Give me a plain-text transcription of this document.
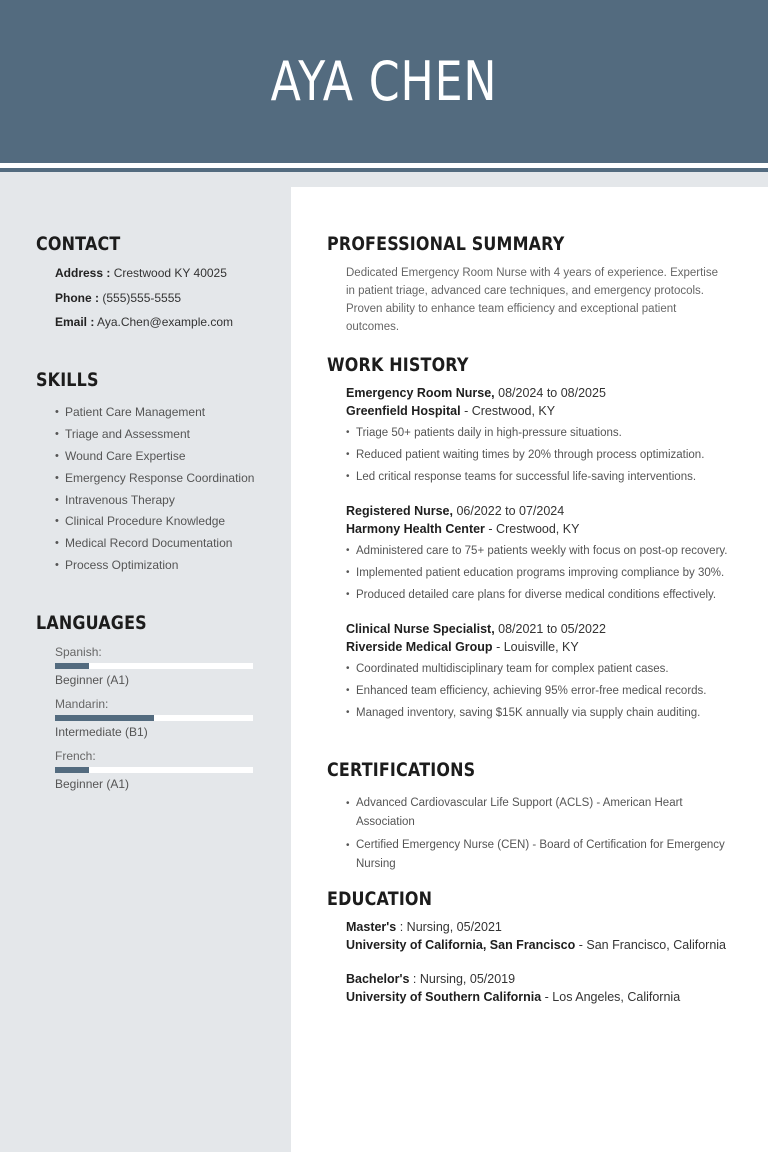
AYA CHEN
CONTACT
Address : Crestwood KY 40025
Phone : (555)555-5555
Email : Aya.Chen@example.com
SKILLS
• Patient Care Management
• Triage and Assessment
• Wound Care Expertise
• Emergency Response Coordination
• Intravenous Therapy
• Clinical Procedure Knowledge
• Medical Record Documentation
• Process Optimization
LANGUAGES
Spanish:
Beginner (A1)
Mandarin:
Intermediate (B1)
French:
Beginner (A1)
PROFESSIONAL SUMMARY
Dedicated Emergency Room Nurse with 4 years of experience. Expertise in patient triage, advanced care techniques, and emergency protocols. Proven ability to enhance team efficiency and exceptional patient outcomes.
WORK HISTORY
Emergency Room Nurse, 08/2024 to 08/2025
Greenfield Hospital - Crestwood, KY
• Triage 50+ patients daily in high-pressure situations.
• Reduced patient waiting times by 20% through process optimization.
• Led critical response teams for successful life-saving interventions.
Registered Nurse, 06/2022 to 07/2024
Harmony Health Center - Crestwood, KY
• Administered care to 75+ patients weekly with focus on post-op recovery.
• Implemented patient education programs improving compliance by 30%.
• Produced detailed care plans for diverse medical conditions effectively.
Clinical Nurse Specialist, 08/2021 to 05/2022
Riverside Medical Group - Louisville, KY
• Coordinated multidisciplinary team for complex patient cases.
• Enhanced team efficiency, achieving 95% error-free medical records.
• Managed inventory, saving $15K annually via supply chain auditing.
CERTIFICATIONS
• Advanced Cardiovascular Life Support (ACLS) - American Heart Association
• Certified Emergency Nurse (CEN) - Board of Certification for Emergency Nursing
EDUCATION
Master's : Nursing, 05/2021
University of California, San Francisco - San Francisco, California
Bachelor's : Nursing, 05/2019
University of Southern California - Los Angeles, California
